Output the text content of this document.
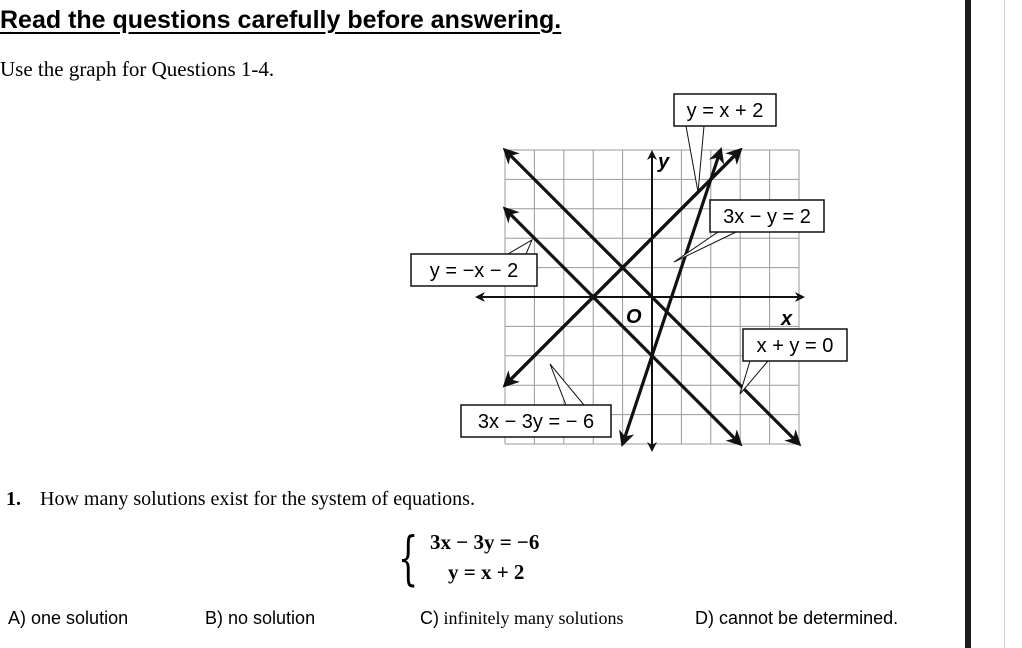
Read the questions carefully before answering.
Use the graph for Questions 1-4.
y = x + 2
3x − y = 2
y = −x − 2
x + y = 0
3x − 3y = − 6
y
x
O
1. How many solutions exist for the system of equations.
{ 3x − 3y = −6
y = x + 2
A) one solution	B) no solution	C) infinitely many solutions	D) cannot be determined.
